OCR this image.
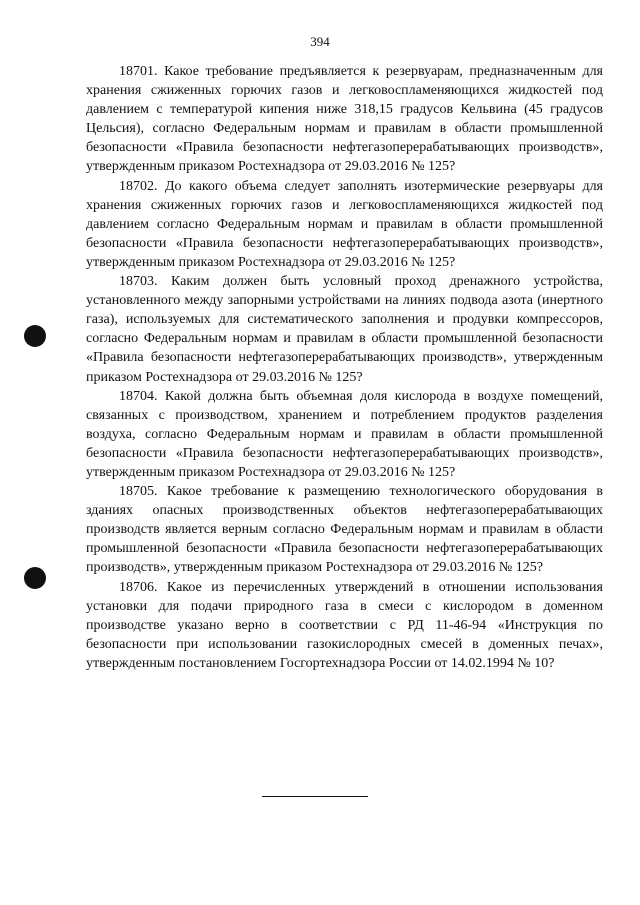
394

18701. Какое требование предъявляется к резервуарам, предназначенным для хранения сжиженных горючих газов и легковоспламеняющихся жидкостей под давлением с температурой кипения ниже 318,15 градусов Кельвина (45 градусов Цельсия), согласно Федеральным нормам и правилам в области промышленной безопасности «Правила безопасности нефтегазоперерабатывающих производств», утвержденным приказом Ростехнадзора от 29.03.2016 № 125?

18702. До какого объема следует заполнять изотермические резервуары для хранения сжиженных горючих газов и легковоспламеняющихся жидкостей под давлением согласно Федеральным нормам и правилам в области промышленной безопасности «Правила безопасности нефтегазоперерабатывающих производств», утвержденным приказом Ростехнадзора от 29.03.2016 № 125?

18703. Каким должен быть условный проход дренажного устройства, установленного между запорными устройствами на линиях подвода азота (инертного газа), используемых для систематического заполнения и продувки компрессоров, согласно Федеральным нормам и правилам в области промышленной безопасности «Правила безопасности нефтегазоперерабатывающих производств», утвержденным приказом Ростехнадзора от 29.03.2016 № 125?

18704. Какой должна быть объемная доля кислорода в воздухе помещений, связанных с производством, хранением и потреблением продуктов разделения воздуха, согласно Федеральным нормам и правилам в области промышленной безопасности «Правила безопасности нефтегазоперерабатывающих производств», утвержденным приказом Ростехнадзора от 29.03.2016 № 125?

18705. Какое требование к размещению технологического оборудования в зданиях опасных производственных объектов нефтегазоперерабатывающих производств является верным согласно Федеральным нормам и правилам в области промышленной безопасности «Правила безопасности нефтегазоперерабатывающих производств», утвержденным приказом Ростехнадзора от 29.03.2016 № 125?

18706. Какое из перечисленных утверждений в отношении использования установки для подачи природного газа в смеси с кислородом в доменном производстве указано верно в соответствии с РД 11-46-94 «Инструкция по безопасности при использовании газокислородных смесей в доменных печах», утвержденным постановлением Госгортехнадзора России от 14.02.1994 № 10?
